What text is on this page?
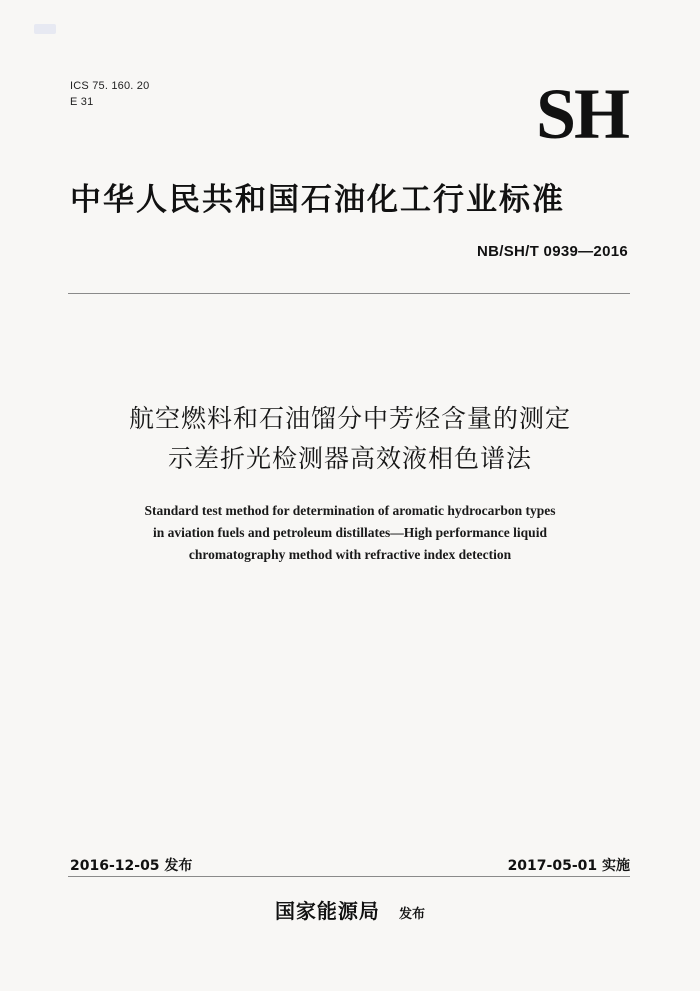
ICS 75. 160. 20
E 31	SH
中华人民共和国石油化工行业标准
NB/SH/T 0939—2016
航空燃料和石油馏分中芳烃含量的测定
示差折光检测器高效液相色谱法
Standard test method for determination of aromatic hydrocarbon types
in aviation fuels and petroleum distillates—High performance liquid
chromatography method with refractive index detection
2016-12-05 发布	2017-05-01 实施
国家能源局 发布
